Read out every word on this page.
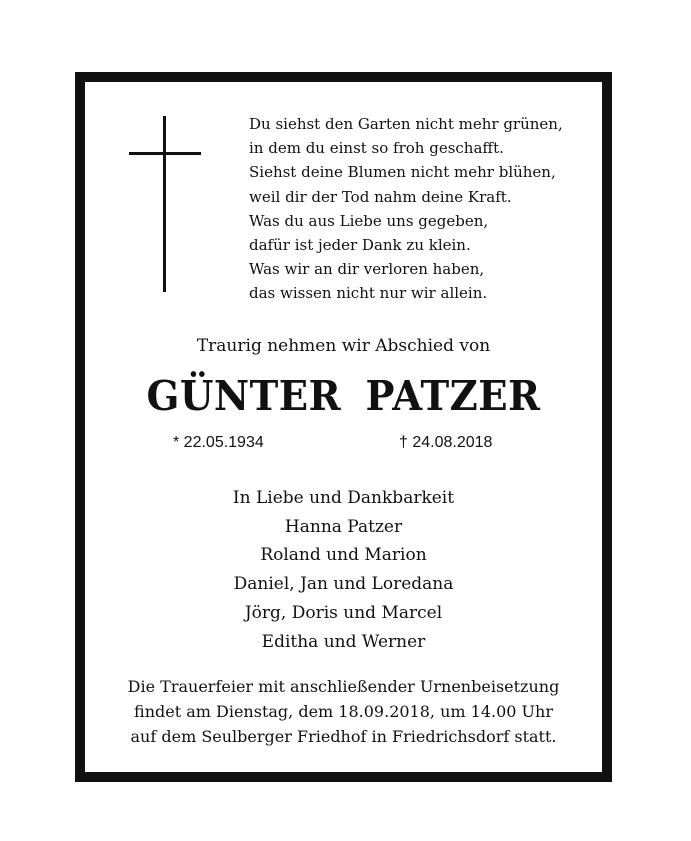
Du siehst den Garten nicht mehr grünen,
in dem du einst so froh geschafft.
Siehst deine Blumen nicht mehr blühen,
weil dir der Tod nahm deine Kraft.
Was du aus Liebe uns gegeben,
dafür ist jeder Dank zu klein.
Was wir an dir verloren haben,
das wissen nicht nur wir allein.
Traurig nehmen wir Abschied von
GÜNTER PATZER
* 22.05.1934	† 24.08.2018
In Liebe und Dankbarkeit
Hanna Patzer
Roland und Marion
Daniel, Jan und Loredana
Jörg, Doris und Marcel
Editha und Werner
Die Trauerfeier mit anschließender Urnenbeisetzung
findet am Dienstag, dem 18.09.2018, um 14.00 Uhr
auf dem Seulberger Friedhof in Friedrichsdorf statt.
